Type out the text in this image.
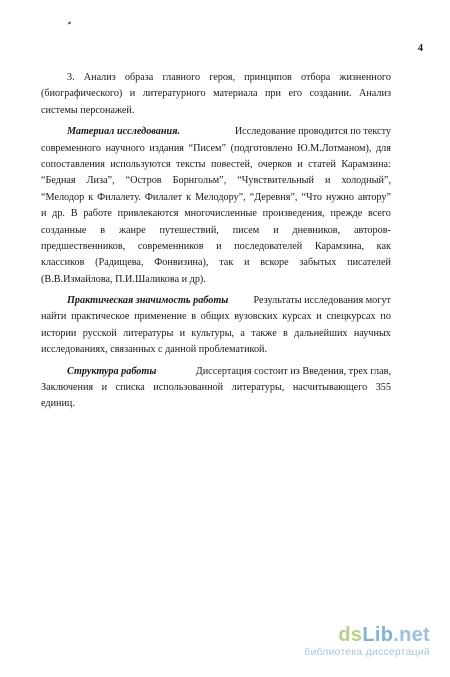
4
3. Анализ образа главного героя, принципов отбора жизненного
(биографического) и литературного материала при его создании. Анализ
системы персонажей.
Материал исследования.	Исследование проводится по тексту
современного научного издания “Писем” (подготовлено Ю.М.Лотманом), для
сопоставления используются тексты повестей, очерков и статей Карамзина:
“Бедная Лиза”, “Остров Борнгольм”, “Чувствительный и холодный”,
“Мелодор к Филалету. Филалет к Мелодору”, “Деревня”, “Что нужно автору”
и др. В работе привлекаются многочисленные произведения, прежде всего
созданные в жанре путешествий, писем и дневников, авторов-
предшественников, современников и последователей Карамзина, как
классиков (Радищева, Фонвизина), так и вскоре забытых писателей
(В.В.Измайлова, П.И.Шаликова и др).
Практическая значимость работы Результаты исследования могут
найти практическое применение в общих вузовских курсах и спецкурсах по
истории русской литературы и культуры, а также в дальнейших научных
исследованиях, связанных с данной проблематикой.
Структура работы	Диссертация состоит из Введения, трех глав,
Заключения и списка использованной литературы, насчитывающего 355
единиц.
dsLib.net
библиотека диссертаций
